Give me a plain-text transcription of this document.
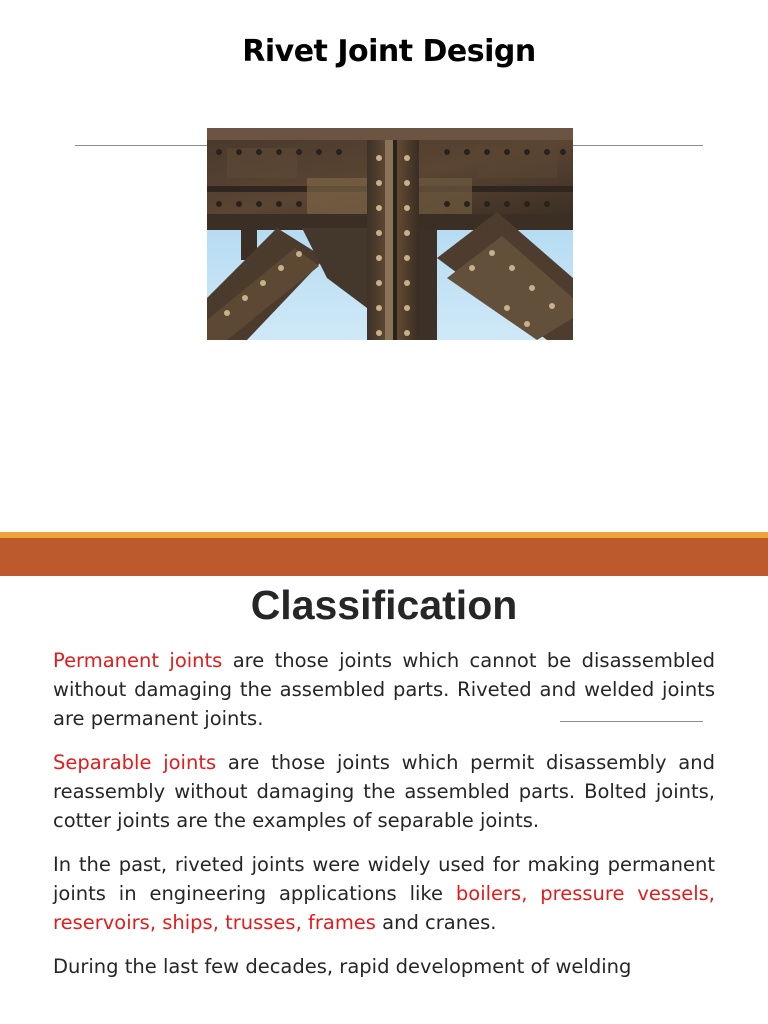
Rivet Joint Design
Classification

Permanent joints are those joints which cannot be disassembled without damaging the assembled parts. Riveted and welded joints are permanent joints.

Separable joints are those joints which permit disassembly and reassembly without damaging the assembled parts. Bolted joints, cotter joints are the examples of separable joints.

In the past, riveted joints were widely used for making permanent joints in engineering applications like boilers, pressure vessels, reservoirs, ships, trusses, frames and cranes.

During the last few decades, rapid development of welding
